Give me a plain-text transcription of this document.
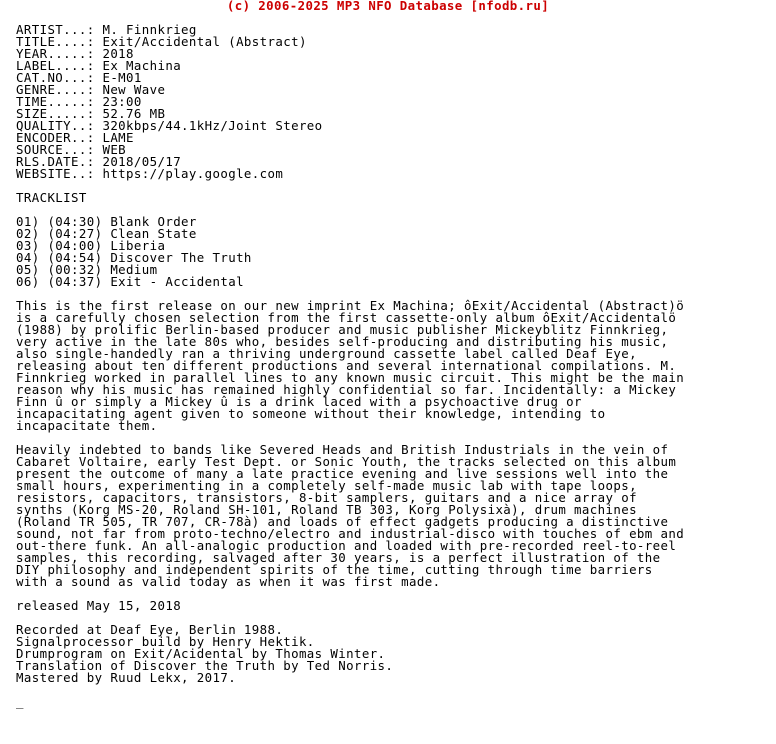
(c) 2006-2025 MP3 NFO Database [nfodb.ru]
ARTIST...: M. Finnkrieg
TITLE....: Exit/Accidental (Abstract)
YEAR.....: 2018
LABEL....: Ex Machina
CAT.NO...: E-M01
GENRE....: New Wave
TIME.....: 23:00
SIZE.....: 52.76 MB
QUALITY..: 320kbps/44.1kHz/Joint Stereo
ENCODER..: LAME
SOURCE...: WEB
RLS.DATE.: 2018/05/17
WEBSITE..: https://play.google.com

TRACKLIST

01) (04:30) Blank Order
02) (04:27) Clean State
03) (04:00) Liberia
04) (04:54) Discover The Truth
05) (00:32) Medium
06) (04:37) Exit - Accidental

This is the first release on our new imprint Ex Machina; ôExit/Accidental (Abstract)ö
is a carefully chosen selection from the first cassette-only album ôExit/Accidentalö
(1988) by prolific Berlin-based producer and music publisher Mickeyblitz Finnkrieg,
very active in the late 80s who, besides self-producing and distributing his music,
also single-handedly ran a thriving underground cassette label called Deaf Eye,
releasing about ten different productions and several international compilations. M.
Finnkrieg worked in parallel lines to any known music circuit. This might be the main
reason why his music has remained highly confidential so far. Incidentally: a Mickey
Finn û or simply a Mickey û is a drink laced with a psychoactive drug or
incapacitating agent given to someone without their knowledge, intending to
incapacitate them.

Heavily indebted to bands like Severed Heads and British Industrials in the vein of
Cabaret Voltaire, early Test Dept. or Sonic Youth, the tracks selected on this album
present the outcome of many a late practice evening and live sessions well into the
small hours, experimenting in a completely self-made music lab with tape loops,
resistors, capacitors, transistors, 8-bit samplers, guitars and a nice array of
synths (Korg MS-20, Roland SH-101, Roland TB 303, Korg Polysixà), drum machines
(Roland TR 505, TR 707, CR-78à) and loads of effect gadgets producing a distinctive
sound, not far from proto-techno/electro and industrial-disco with touches of ebm and
out-there funk. An all-analogic production and loaded with pre-recorded reel-to-reel
samples, this recording, salvaged after 30 years, is a perfect illustration of the
DIY philosophy and independent spirits of the time, cutting through time barriers
with a sound as valid today as when it was first made.

released May 15, 2018

Recorded at Deaf Eye, Berlin 1988.
Signalprocessor build by Henry Hektik.
Drumprogram on Exit/Acidental by Thomas Winter.
Translation of Discover the Truth by Ted Norris.
Mastered by Ruud Lekx, 2017.

_
